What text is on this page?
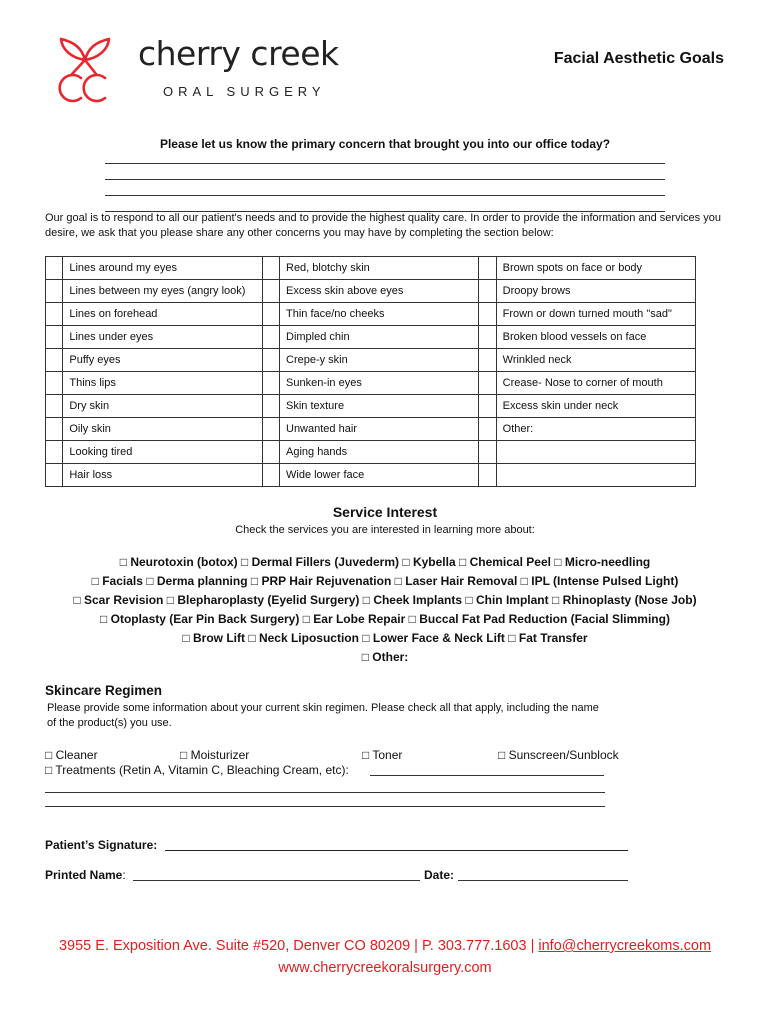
cherry creek
ORAL SURGERY
Facial Aesthetic Goals
Please let us know the primary concern that brought you into our office today?
Our goal is to respond to all our patient's needs and to provide the highest quality care. In order to provide the information and services you desire, we ask that you please share any other concerns you may have by completing the section below:
	Lines around my eyes		Red, blotchy skin		Brown spots on face or body
	Lines between my eyes (angry look)		Excess skin above eyes		Droopy brows
	Lines on forehead		Thin face/no cheeks		Frown or down turned mouth "sad"
	Lines under eyes		Dimpled chin		Broken blood vessels on face
	Puffy eyes		Crepe-y skin		Wrinkled neck
	Thins lips		Sunken-in eyes		Crease- Nose to corner of mouth
	Dry skin		Skin texture		Excess skin under neck
	Oily skin		Unwanted hair		Other:
	Looking tired		Aging hands		
	Hair loss		Wide lower face		
Service Interest
Check the services you are interested in learning more about:
□ Neurotoxin (botox) □ Dermal Fillers (Juvederm) □ Kybella □ Chemical Peel □ Micro-needling
□ Facials □ Derma planning □ PRP Hair Rejuvenation □ Laser Hair Removal □ IPL (Intense Pulsed Light)
□ Scar Revision □ Blepharoplasty (Eyelid Surgery) □ Cheek Implants □ Chin Implant □ Rhinoplasty (Nose Job)
□ Otoplasty (Ear Pin Back Surgery) □ Ear Lobe Repair □ Buccal Fat Pad Reduction (Facial Slimming)
□ Brow Lift □ Neck Liposuction □ Lower Face & Neck Lift □ Fat Transfer
□ Other:
Skincare Regimen
Please provide some information about your current skin regimen. Please check all that apply, including the name of the product(s) you use.
□ Cleaner	□ Moisturizer	□ Toner	□ Sunscreen/Sunblock
□ Treatments (Retin A, Vitamin C, Bleaching Cream, etc):
Patient’s Signature:
Printed Name:	Date:
3955 E. Exposition Ave. Suite #520, Denver CO 80209 | P. 303.777.1603 | info@cherrycreekoms.com
www.cherrycreekoralsurgery.com
